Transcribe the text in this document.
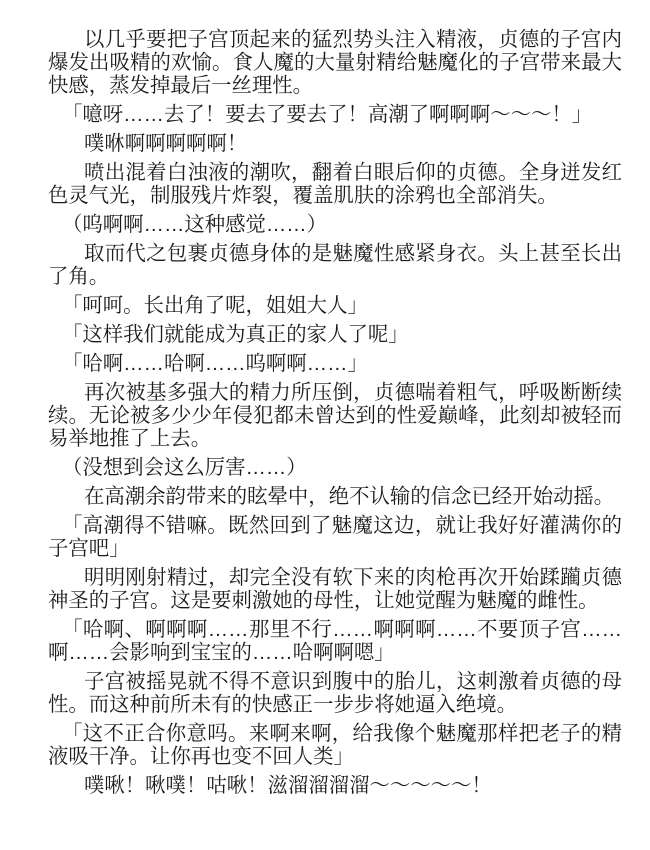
以几乎要把子宫顶起来的猛烈势头注入精液，贞德的子宫内爆发出吸精的欢愉。食人魔的大量射精给魅魔化的子宫带来最大快感，蒸发掉最后一丝理性。

「噫呀……去了！要去了要去了！高潮了啊啊啊～～～！」

噗咻啊啊啊啊啊！

喷出混着白浊液的潮吹，翻着白眼后仰的贞德。全身迸发红色灵气光，制服残片炸裂，覆盖肌肤的涂鸦也全部消失。

（呜啊啊……这种感觉……）

取而代之包裹贞德身体的是魅魔性感紧身衣。头上甚至长出了角。

「呵呵。长出角了呢，姐姐大人」

「这样我们就能成为真正的家人了呢」

「哈啊……哈啊……呜啊啊……」

再次被基多强大的精力所压倒，贞德喘着粗气，呼吸断断续续。无论被多少少年侵犯都未曾达到的性爱巅峰，此刻却被轻而易举地推了上去。

（没想到会这么厉害……）

在高潮余韵带来的眩晕中，绝不认输的信念已经开始动摇。

「高潮得不错嘛。既然回到了魅魔这边，就让我好好灌满你的子宫吧」

明明刚射精过，却完全没有软下来的肉枪再次开始蹂躏贞德神圣的子宫。这是要刺激她的母性，让她觉醒为魅魔的雌性。

「哈啊、啊啊啊……那里不行……啊啊啊……不要顶子宫……啊……会影响到宝宝的……哈啊啊嗯」

子宫被摇晃就不得不意识到腹中的胎儿，这刺激着贞德的母性。而这种前所未有的快感正一步步将她逼入绝境。

「这不正合你意吗。来啊来啊，给我像个魅魔那样把老子的精液吸干净。让你再也变不回人类」

噗啾！啾噗！咕啾！滋溜溜溜溜～～～～～！
